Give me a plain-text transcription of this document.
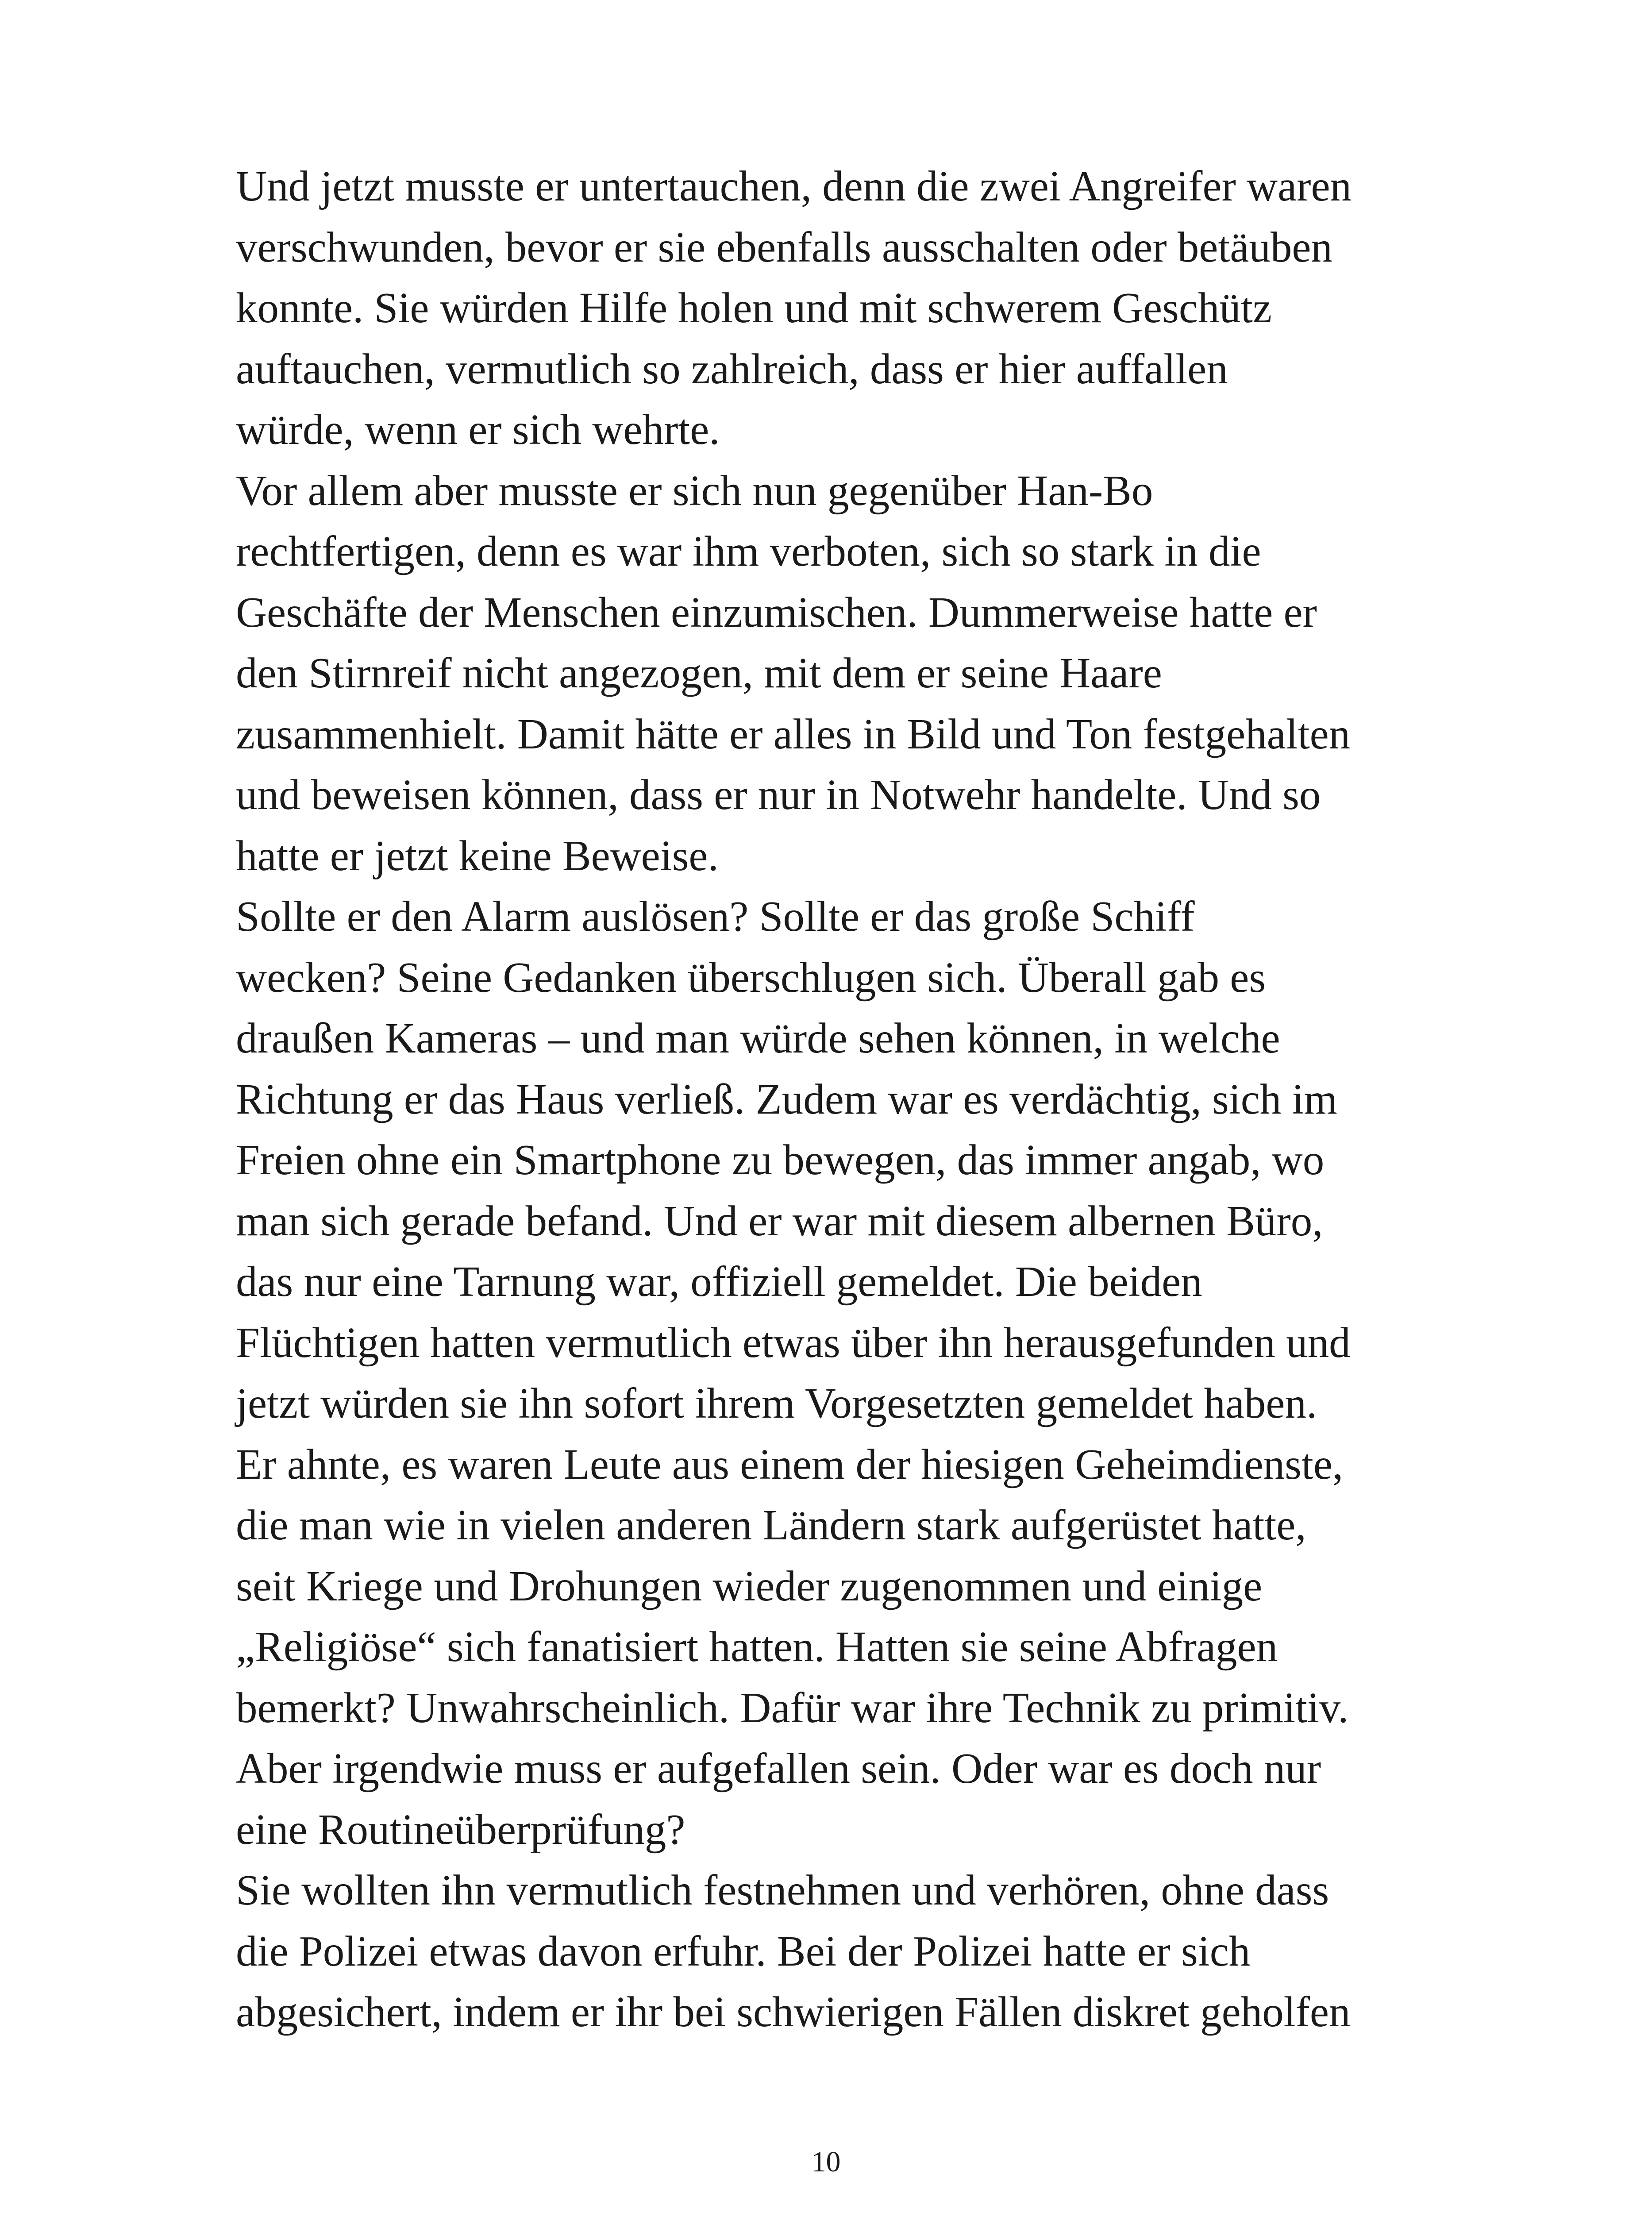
Und jetzt musste er untertauchen, denn die zwei Angreifer waren
verschwunden, bevor er sie ebenfalls ausschalten oder betäuben
konnte. Sie würden Hilfe holen und mit schwerem Geschütz
auftauchen, vermutlich so zahlreich, dass er hier auffallen
würde, wenn er sich wehrte.
Vor allem aber musste er sich nun gegenüber Han-Bo
rechtfertigen, denn es war ihm verboten, sich so stark in die
Geschäfte der Menschen einzumischen. Dummerweise hatte er
den Stirnreif nicht angezogen, mit dem er seine Haare
zusammenhielt. Damit hätte er alles in Bild und Ton festgehalten
und beweisen können, dass er nur in Notwehr handelte. Und so
hatte er jetzt keine Beweise.
Sollte er den Alarm auslösen? Sollte er das große Schiff
wecken? Seine Gedanken überschlugen sich. Überall gab es
draußen Kameras – und man würde sehen können, in welche
Richtung er das Haus verließ. Zudem war es verdächtig, sich im
Freien ohne ein Smartphone zu bewegen, das immer angab, wo
man sich gerade befand. Und er war mit diesem albernen Büro,
das nur eine Tarnung war, offiziell gemeldet. Die beiden
Flüchtigen hatten vermutlich etwas über ihn herausgefunden und
jetzt würden sie ihn sofort ihrem Vorgesetzten gemeldet haben.
Er ahnte, es waren Leute aus einem der hiesigen Geheimdienste,
die man wie in vielen anderen Ländern stark aufgerüstet hatte,
seit Kriege und Drohungen wieder zugenommen und einige
„Religiöse“ sich fanatisiert hatten. Hatten sie seine Abfragen
bemerkt? Unwahrscheinlich. Dafür war ihre Technik zu primitiv.
Aber irgendwie muss er aufgefallen sein. Oder war es doch nur
eine Routineüberprüfung?
Sie wollten ihn vermutlich festnehmen und verhören, ohne dass
die Polizei etwas davon erfuhr. Bei der Polizei hatte er sich
abgesichert, indem er ihr bei schwierigen Fällen diskret geholfen
10
